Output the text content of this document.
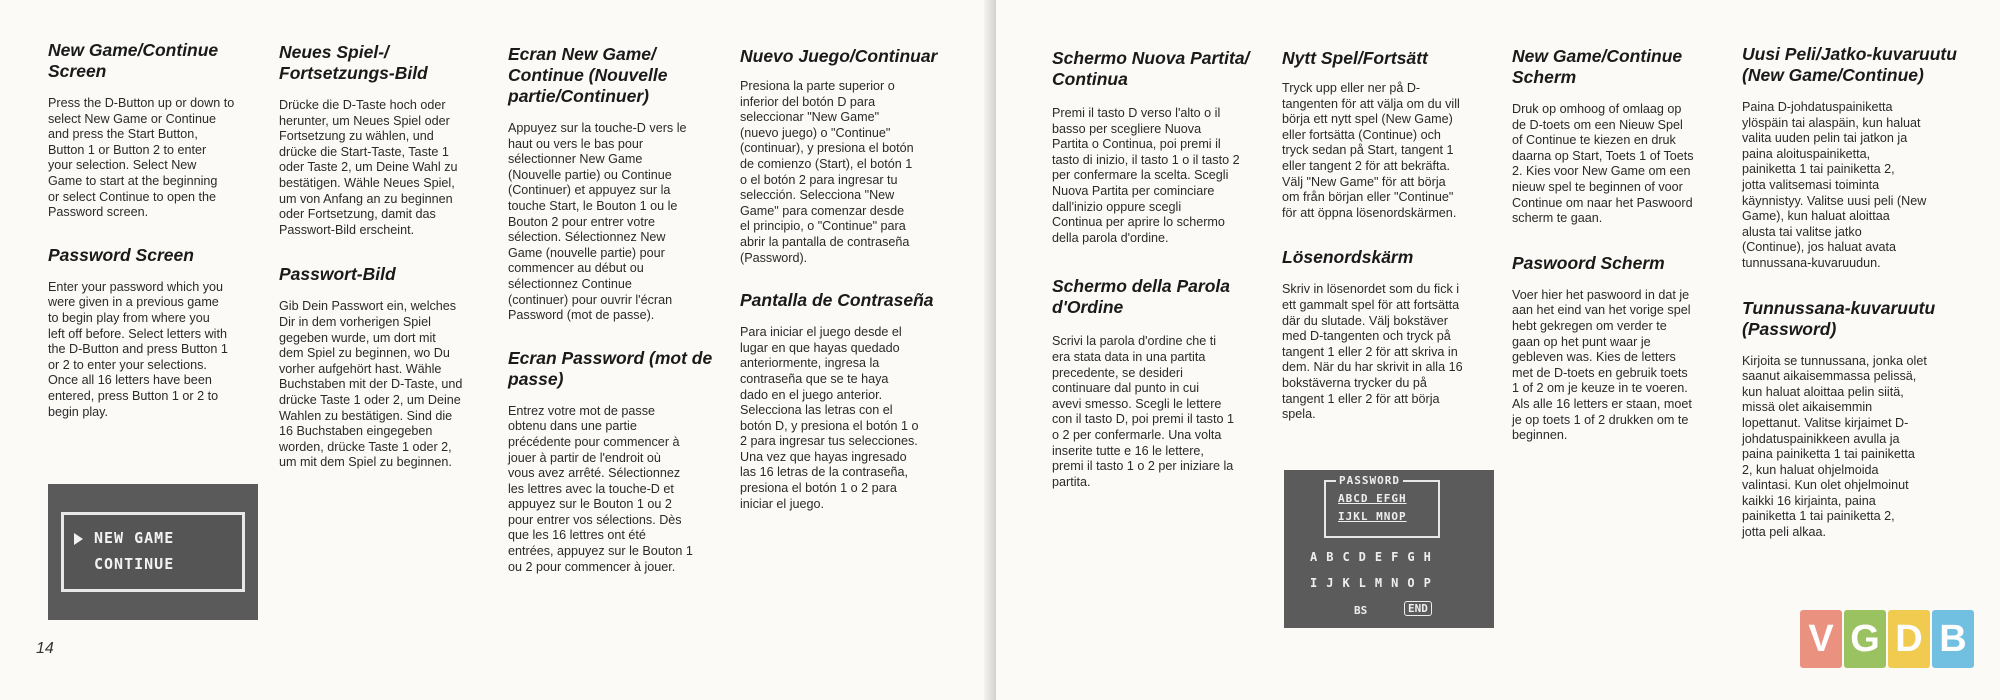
New Game/Continue
Screen

Press the D-Button up or down to
select New Game or Continue
and press the Start Button,
Button 1 or Button 2 to enter
your selection. Select New
Game to start at the beginning
or select Continue to open the
Password screen.

Password Screen

Enter your password which you
were given in a previous game
to begin play from where you
left off before. Select letters with
the D-Button and press Button 1
or 2 to enter your selections.
Once all 16 letters have been
entered, press Button 1 or 2 to
begin play.

Neues Spiel-/
Fortsetzungs-Bild

Drücke die D-Taste hoch oder
herunter, um Neues Spiel oder
Fortsetzung zu wählen, und
drücke die Start-Taste, Taste 1
oder Taste 2, um Deine Wahl zu
bestätigen. Wähle Neues Spiel,
um von Anfang an zu beginnen
oder Fortsetzung, damit das
Passwort-Bild erscheint.

Passwort-Bild

Gib Dein Passwort ein, welches
Dir in dem vorherigen Spiel
gegeben wurde, um dort mit
dem Spiel zu beginnen, wo Du
vorher aufgehört hast. Wähle
Buchstaben mit der D-Taste, und
drücke Taste 1 oder 2, um Deine
Wahlen zu bestätigen. Sind die
16 Buchstaben eingegeben
worden, drücke Taste 1 oder 2,
um mit dem Spiel zu beginnen.

Ecran New Game/
Continue (Nouvelle
partie/Continuer)

Appuyez sur la touche-D vers le
haut ou vers le bas pour
sélectionner New Game
(Nouvelle partie) ou Continue
(Continuer) et appuyez sur la
touche Start, le Bouton 1 ou le
Bouton 2 pour entrer votre
sélection. Sélectionnez New
Game (nouvelle partie) pour
commencer au début ou
sélectionnez Continue
(continuer) pour ouvrir l'écran
Password (mot de passe).

Ecran Password (mot de
passe)

Entrez votre mot de passe
obtenu dans une partie
précédente pour commencer à
jouer à partir de l'endroit où
vous avez arrêté. Sélectionnez
les lettres avec la touche-D et
appuyez sur le Bouton 1 ou 2
pour entrer vos sélections. Dès
que les 16 lettres ont été
entrées, appuyez sur le Bouton 1
ou 2 pour commencer à jouer.

Nuevo Juego/Continuar

Presiona la parte superior o
inferior del botón D para
seleccionar "New Game"
(nuevo juego) o "Continue"
(continuar), y presiona el botón
de comienzo (Start), el botón 1
o el botón 2 para ingresar tu
selección. Selecciona "New
Game" para comenzar desde
el principio, o "Continue" para
abrir la pantalla de contraseña
(Password).

Pantalla de Contraseña

Para iniciar el juego desde el
lugar en que hayas quedado
anteriormente, ingresa la
contraseña que se te haya
dado en el juego anterior.
Selecciona las letras con el
botón D, y presiona el botón 1 o
2 para ingresar tus selecciones.
Una vez que hayas ingresado
las 16 letras de la contraseña,
presiona el botón 1 o 2 para
iniciar el juego.

NEW GAME
CONTINUE
14
Schermo Nuova Partita/
Continua

Premi il tasto D verso l'alto o il
basso per scegliere Nuova
Partita o Continua, poi premi il
tasto di inizio, il tasto 1 o il tasto 2
per confermare la scelta. Scegli
Nuova Partita per cominciare
dall'inizio oppure scegli
Continua per aprire lo schermo
della parola d'ordine.

Schermo della Parola
d'Ordine

Scrivi la parola d'ordine che ti
era stata data in una partita
precedente, se desideri
continuare dal punto in cui
avevi smesso. Scegli le lettere
con il tasto D, poi premi il tasto 1
o 2 per confermarle. Una volta
inserite tutte e 16 le lettere,
premi il tasto 1 o 2 per iniziare la
partita.

Nytt Spel/Fortsätt

Tryck upp eller ner på D-
tangenten för att välja om du vill
börja ett nytt spel (New Game)
eller fortsätta (Continue) och
tryck sedan på Start, tangent 1
eller tangent 2 för att bekräfta.
Välj "New Game" för att börja
om från början eller "Continue"
för att öppna lösenordskärmen.

Lösenordskärm

Skriv in lösenordet som du fick i
ett gammalt spel för att fortsätta
där du slutade. Välj bokstäver
med D-tangenten och tryck på
tangent 1 eller 2 för att skriva in
dem. När du har skrivit in alla 16
bokstäverna trycker du på
tangent 1 eller 2 för att börja
spela.

New Game/Continue
Scherm

Druk op omhoog of omlaag op
de D-toets om een Nieuw Spel
of Continue te kiezen en druk
daarna op Start, Toets 1 of Toets
2. Kies voor New Game om een
nieuw spel te beginnen of voor
Continue om naar het Paswoord
scherm te gaan.

Paswoord Scherm

Voer hier het paswoord in dat je
aan het eind van het vorige spel
hebt gekregen om verder te
gaan op het punt waar je
gebleven was. Kies de letters
met de D-toets en gebruik toets
1 of 2 om je keuze in te voeren.
Als alle 16 letters er staan, moet
je op toets 1 of 2 drukken om te
beginnen.

Uusi Peli/Jatko-kuvaruutu
(New Game/Continue)

Paina D-johdatuspainiketta
ylöspäin tai alaspäin, kun haluat
valita uuden pelin tai jatkon ja
paina aloituspainiketta,
painiketta 1 tai painiketta 2,
jotta valitsemasi toiminta
käynnistyy. Valitse uusi peli (New
Game), kun haluat aloittaa
alusta tai valitse jatko
(Continue), jos haluat avata
tunnussana-kuvaruudun.

Tunnussana-kuvaruutu
(Password)

Kirjoita se tunnussana, jonka olet
saanut aikaisemmassa pelissä,
kun haluat aloittaa pelin siitä,
missä olet aikaisemmin
lopettanut. Valitse kirjaimet D-
johdatuspainikkeen avulla ja
paina painiketta 1 tai painiketta
2, kun haluat ohjelmoida
valintasi. Kun olet ohjelmoinut
kaikki 16 kirjainta, paina
painiketta 1 tai painiketta 2,
jotta peli alkaa.

PASSWORD
ABCD EFGH
IJKL MNOP
ABCDEFGH
IJKLMNOP
BS	END
V G D B
